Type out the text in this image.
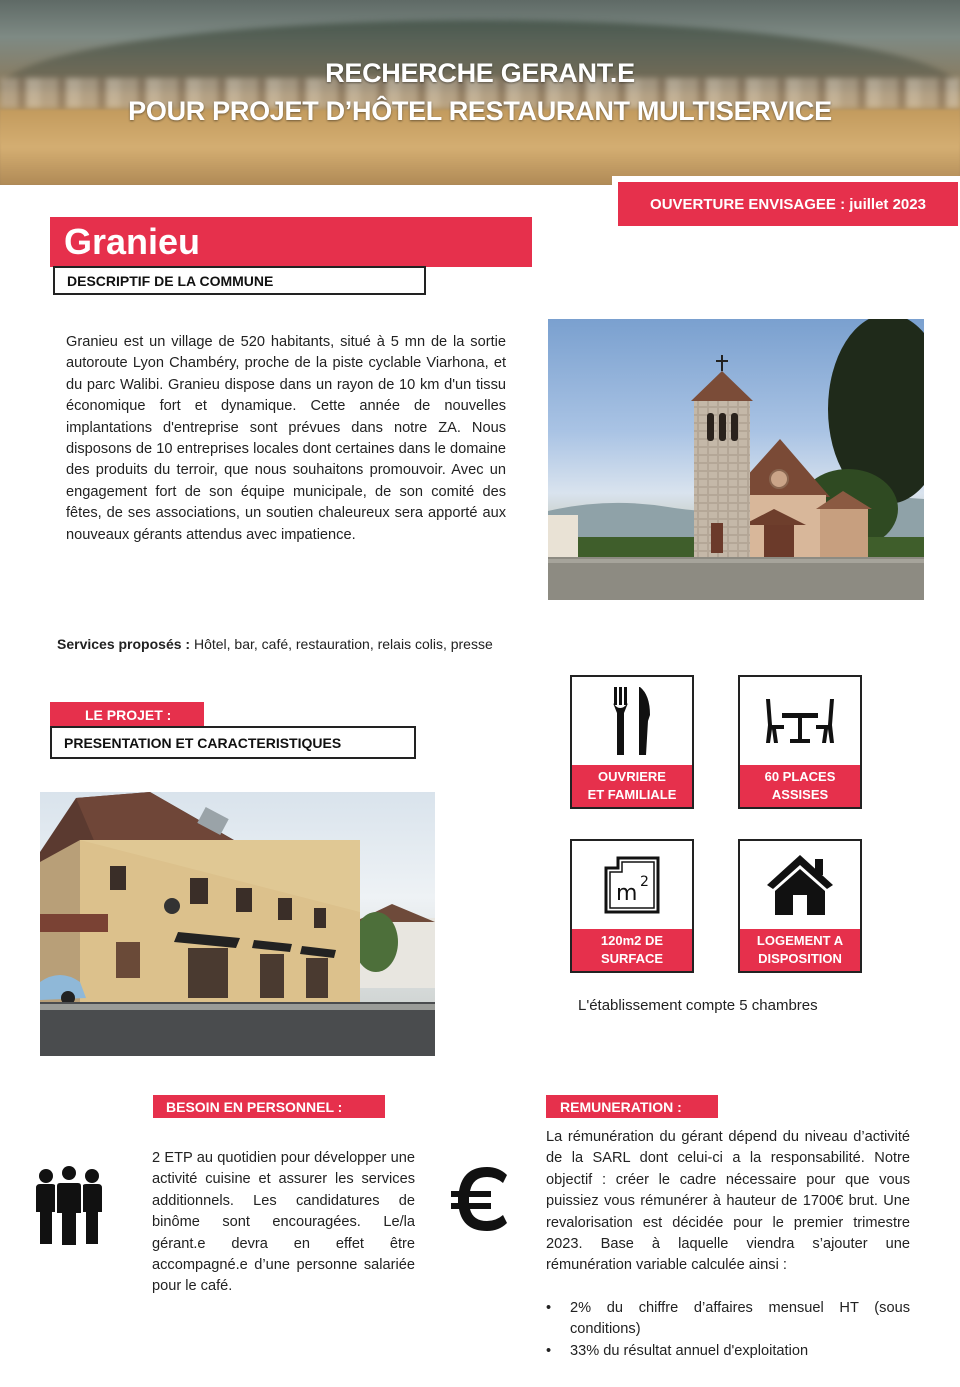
RECHERCHE GERANT.E
POUR PROJET D’HÔTEL RESTAURANT MULTISERVICE
OUVERTURE ENVISAGEE : juillet 2023
Granieu
DESCRIPTIF DE LA COMMUNE
Granieu est un village de 520 habitants, situé à 5 mn de la sortie autoroute Lyon Chambéry, proche de la piste cyclable Viarhona, et du parc Walibi. Granieu dispose dans un rayon de 10 km d'un tissu économique fort et dynamique. Cette année de nouvelles implantations d'entreprise sont prévues dans notre ZA. Nous disposons de 10 entreprises locales dont certaines dans le domaine des produits du terroir, que nous souhaitons promouvoir. Avec un engagement fort de son équipe municipale, de son comité des fêtes, de ses associations, un soutien chaleureux sera apporté aux nouveaux gérants attendus avec impatience.
Services proposés : Hôtel, bar, café, restauration, relais colis, presse
LE PROJET :
PRESENTATION ET CARACTERISTIQUES
OUVRIERE
ET FAMILIALE
60 PLACES
ASSISES
m 2
120m2 DE
SURFACE
LOGEMENT A
DISPOSITION
L'établissement compte 5 chambres
BESOIN EN PERSONNEL :
2 ETP au quotidien pour développer une activité cuisine et assurer les services additionnels. Les candidatures de binôme sont encouragées. Le/la gérant.e devra en effet être accompagné.e d’une personne salariée pour le café.
REMUNERATION :
La rémunération du gérant dépend du niveau d’activité de la SARL dont celui-ci a la responsabilité. Notre objectif : créer le cadre nécessaire pour que vous puissiez vous rémunérer à hauteur de 1700€ brut. Une revalorisation est décidée pour le premier trimestre 2023. Base à laquelle viendra s’ajouter une rémunération variable calculée ainsi :
• 2% du chiffre d’affaires mensuel HT (sous conditions)
• 33% du résultat annuel d'exploitation
